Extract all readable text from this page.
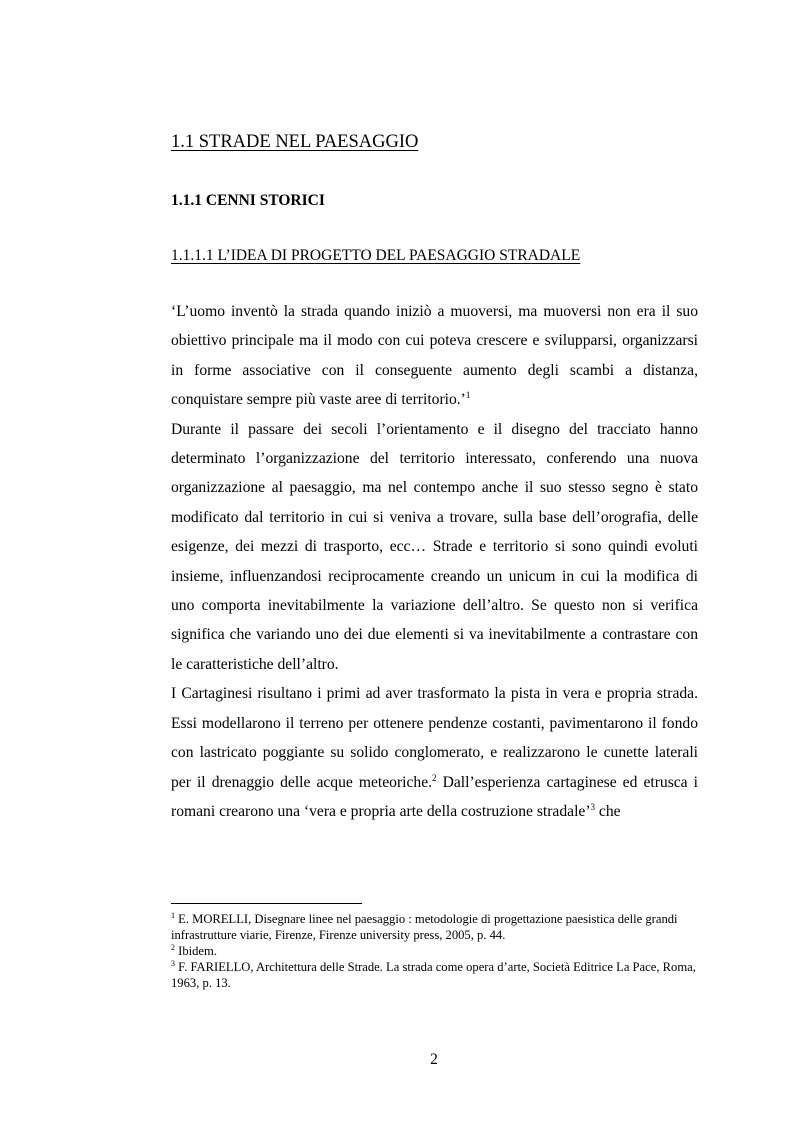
1.1 STRADE NEL PAESAGGIO
1.1.1 CENNI STORICI
1.1.1.1 L’IDEA DI PROGETTO DEL PAESAGGIO STRADALE

‘L’uomo inventò la strada quando iniziò a muoversi, ma muoversi non era il suo obiettivo principale ma il modo con cui poteva crescere e svilupparsi, organizzarsi in forme associative con il conseguente aumento degli scambi a distanza, conquistare sempre più vaste aree di territorio.’$^1$

Durante il passare dei secoli l’orientamento e il disegno del tracciato hanno determinato l’organizzazione del territorio interessato, conferendo una nuova organizzazione al paesaggio, ma nel contempo anche il suo stesso segno è stato modificato dal territorio in cui si veniva a trovare, sulla base dell’orografia, delle esigenze, dei mezzi di trasporto, ecc… Strade e territorio si sono quindi evoluti insieme, influenzandosi reciprocamente creando un unicum in cui la modifica di uno comporta inevitabilmente la variazione dell’altro. Se questo non si verifica significa che variando uno dei due elementi si va inevitabilmente a contrastare con le caratteristiche dell’altro.

I Cartaginesi risultano i primi ad aver trasformato la pista in vera e propria strada. Essi modellarono il terreno per ottenere pendenze costanti, pavimentarono il fondo con lastricato poggiante su solido conglomerato, e realizzarono le cunette laterali per il drenaggio delle acque meteoriche.$^2$ Dall’esperienza cartaginese ed etrusca i romani crearono una ‘vera e propria arte della costruzione stradale’$^3$ che

$^1$ E. MORELLI, Disegnare linee nel paesaggio : metodologie di progettazione paesistica delle grandi infrastrutture viarie, Firenze, Firenze university press, 2005, p. 44.

$^2$ Ibidem.

$^3$ F. FARIELLO, Architettura delle Strade. La strada come opera d’arte, Società Editrice La Pace, Roma, 1963, p. 13.

2
